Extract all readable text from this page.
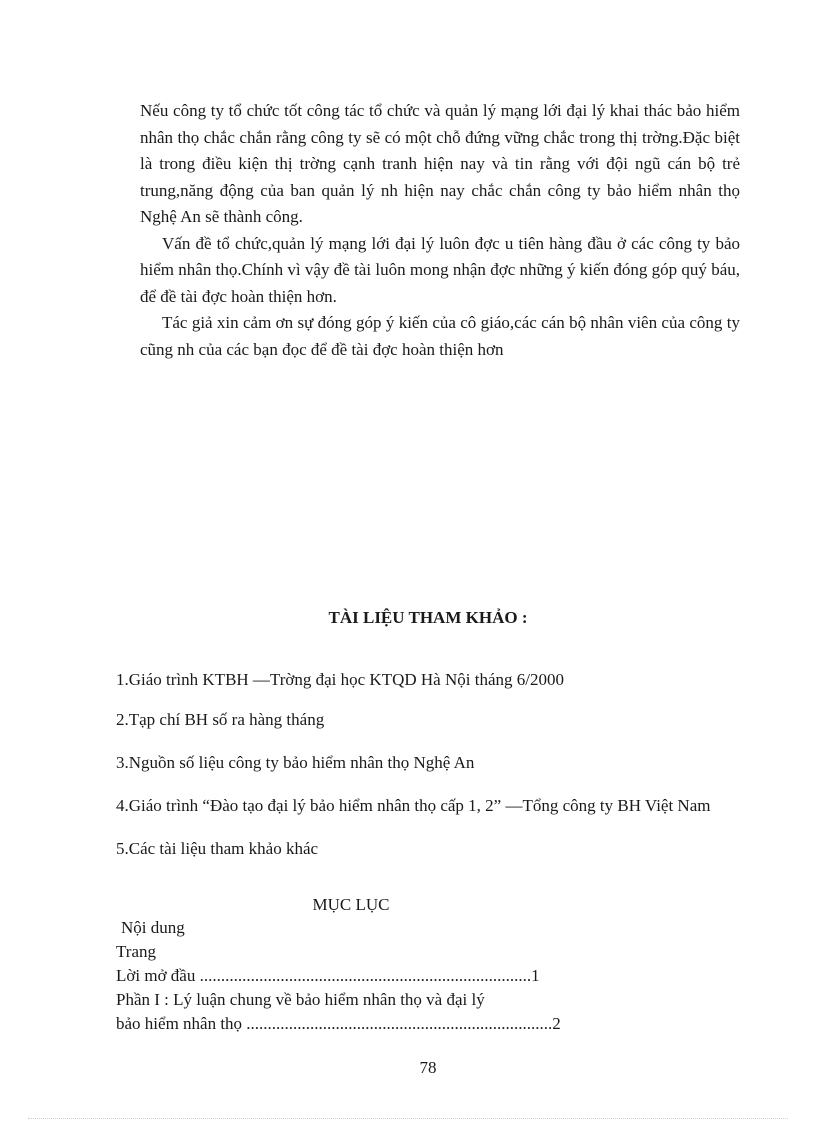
Nếu công ty tổ chức tốt công tác tổ chức và quản lý mạng lới đại lý khai thác bảo hiểm nhân thọ chắc chắn rằng công ty sẽ có một chỗ đứng vững chắc trong thị trờng.Đặc biệt là trong điều kiện thị trờng cạnh tranh hiện nay và tin rằng với đội ngũ cán bộ trẻ trung,năng động của ban quản lý nh hiện nay chắc chắn công ty bảo hiểm nhân thọ Nghệ An sẽ thành công.

Vấn đề tổ chức,quản lý mạng lới đại lý luôn đợc u tiên hàng đầu ở các công ty bảo hiểm nhân thọ.Chính vì vậy đề tài luôn mong nhận đợc những ý kiến đóng góp quý báu, để đề tài đợc hoàn thiện hơn.

Tác giả xin cảm ơn sự đóng góp ý kiến của cô giáo,các cán bộ nhân viên của công ty cũng nh của các bạn đọc để đề tài đợc hoàn thiện hơn

TÀI LIỆU THAM KHẢO :

1.Giáo trình KTBH —Trờng đại học KTQD Hà Nội tháng 6/2000

2.Tạp chí BH số ra hàng tháng

3.Nguồn số liệu công ty bảo hiểm nhân thọ Nghệ An

4.Giáo trình “Đào tạo đại lý bảo hiểm nhân thọ cấp 1, 2” —Tổng công ty BH Việt Nam

5.Các tài liệu tham khảo khác

MỤC LỤC
Nội dung
Trang
Lời mở đầu ..............................................................................1
Phần I : Lý luận chung về bảo hiểm nhân thọ và đại lý
bảo hiểm nhân thọ ........................................................................2
78
